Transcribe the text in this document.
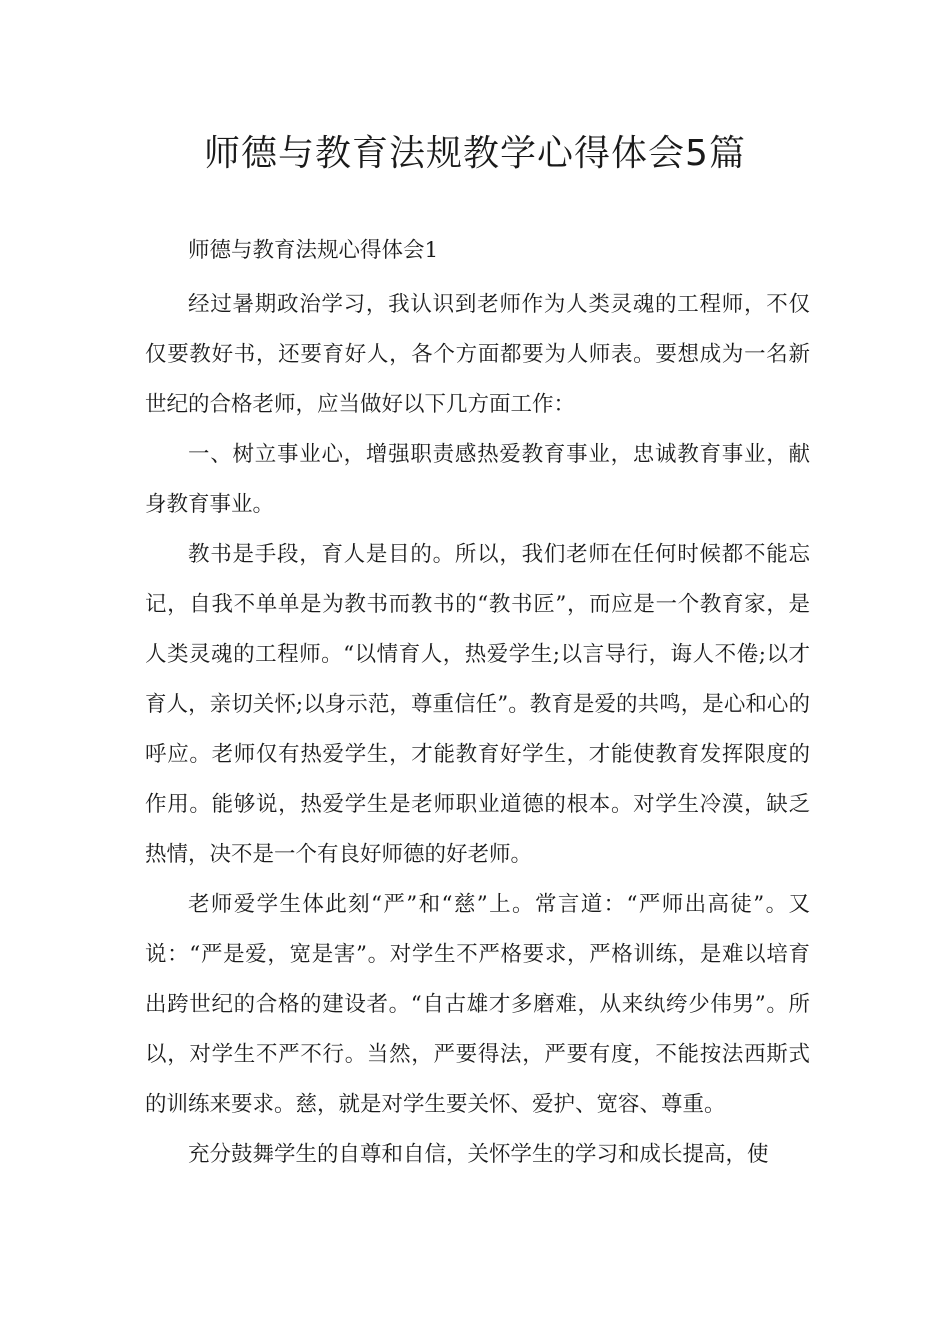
师德与教育法规教学心得体会5篇

师德与教育法规心得体会1

经过暑期政治学习，我认识到老师作为人类灵魂的工程师，不仅仅要教好书，还要育好人，各个方面都要为人师表。要想成为一名新世纪的合格老师，应当做好以下几方面工作：

一、树立事业心，增强职责感热爱教育事业，忠诚教育事业，献身教育事业。

教书是手段，育人是目的。所以，我们老师在任何时候都不能忘记，自我不单单是为教书而教书的“教书匠”，而应是一个教育家，是人类灵魂的工程师。“以情育人，热爱学生;以言导行，诲人不倦;以才育人，亲切关怀;以身示范，尊重信任”。教育是爱的共鸣，是心和心的呼应。老师仅有热爱学生，才能教育好学生，才能使教育发挥限度的作用。能够说，热爱学生是老师职业道德的根本。对学生冷漠，缺乏热情，决不是一个有良好师德的好老师。

老师爱学生体此刻“严”和“慈”上。常言道：“严师出高徒”。又说：“严是爱，宽是害”。对学生不严格要求，严格训练，是难以培育出跨世纪的合格的建设者。“自古雄才多磨难，从来纨绔少伟男”。所以，对学生不严不行。当然，严要得法，严要有度，不能按法西斯式的训练来要求。慈，就是对学生要关怀、爱护、宽容、尊重。

充分鼓舞学生的自尊和自信，关怀学生的学习和成长提高，使
